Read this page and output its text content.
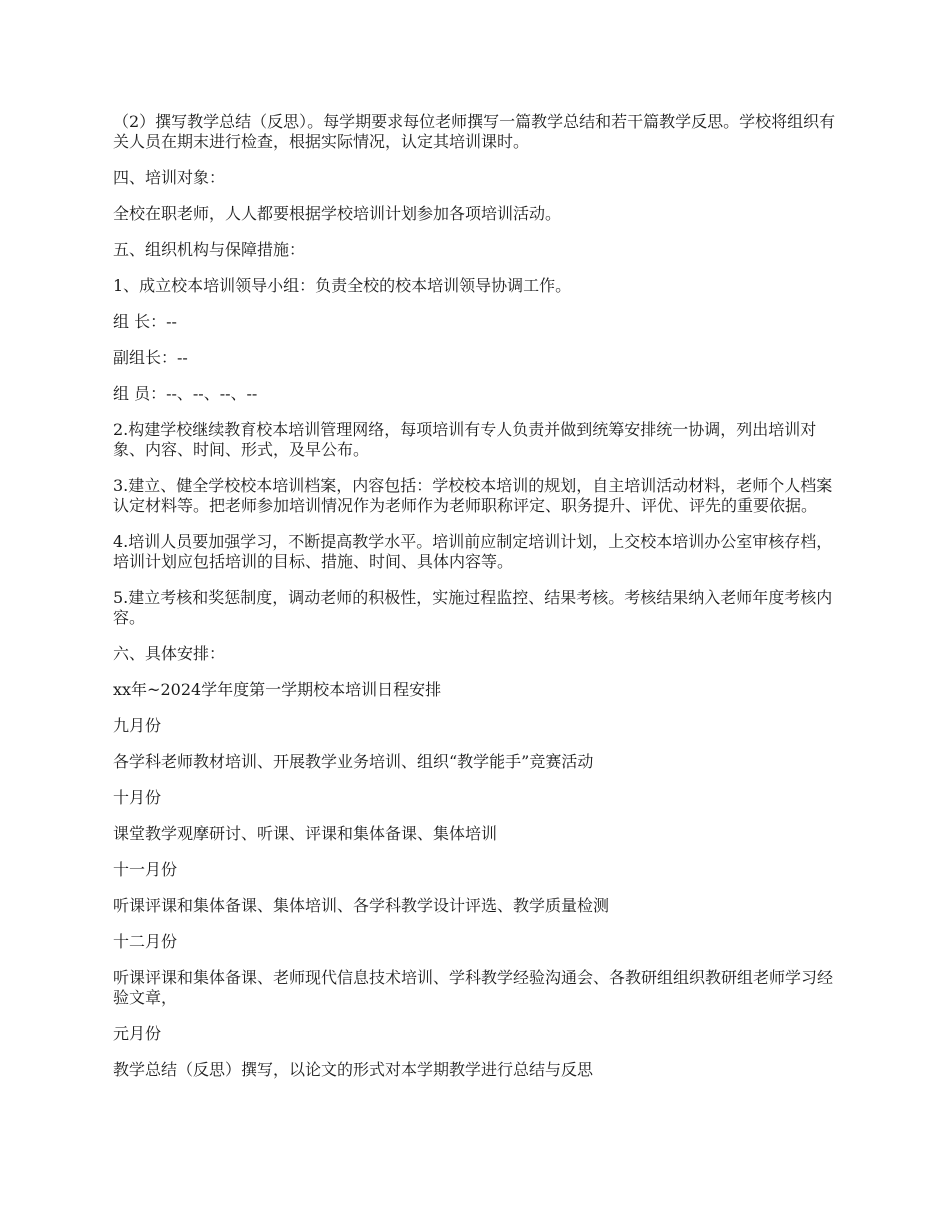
（2）撰写教学总结（反思）。每学期要求每位老师撰写一篇教学总结和若干篇教学反思。学校将组织有关人员在期末进行检查，根据实际情况，认定其培训课时。

四、培训对象：

全校在职老师，人人都要根据学校培训计划参加各项培训活动。

五、组织机构与保障措施：

1、成立校本培训领导小组：负责全校的校本培训领导协调工作。

组 长：--

副组长：--

组 员：--、--、--、--

2.构建学校继续教育校本培训管理网络，每项培训有专人负责并做到统筹安排统一协调，列出培训对象、内容、时间、形式，及早公布。

3.建立、健全学校校本培训档案，内容包括：学校校本培训的规划，自主培训活动材料，老师个人档案认定材料等。把老师参加培训情况作为老师作为老师职称评定、职务提升、评优、评先的重要依据。

4.培训人员要加强学习，不断提高教学水平。培训前应制定培训计划，上交校本培训办公室审核存档，培训计划应包括培训的目标、措施、时间、具体内容等。

5.建立考核和奖惩制度，调动老师的积极性，实施过程监控、结果考核。考核结果纳入老师年度考核内容。

六、具体安排：

xx年~2024学年度第一学期校本培训日程安排

九月份

各学科老师教材培训、开展教学业务培训、组织“教学能手”竞赛活动

十月份

课堂教学观摩研讨、听课、评课和集体备课、集体培训

十一月份

听课评课和集体备课、集体培训、各学科教学设计评选、教学质量检测

十二月份

听课评课和集体备课、老师现代信息技术培训、学科教学经验沟通会、各教研组组织教研组老师学习经验文章，

元月份

教学总结（反思）撰写，以论文的形式对本学期教学进行总结与反思
